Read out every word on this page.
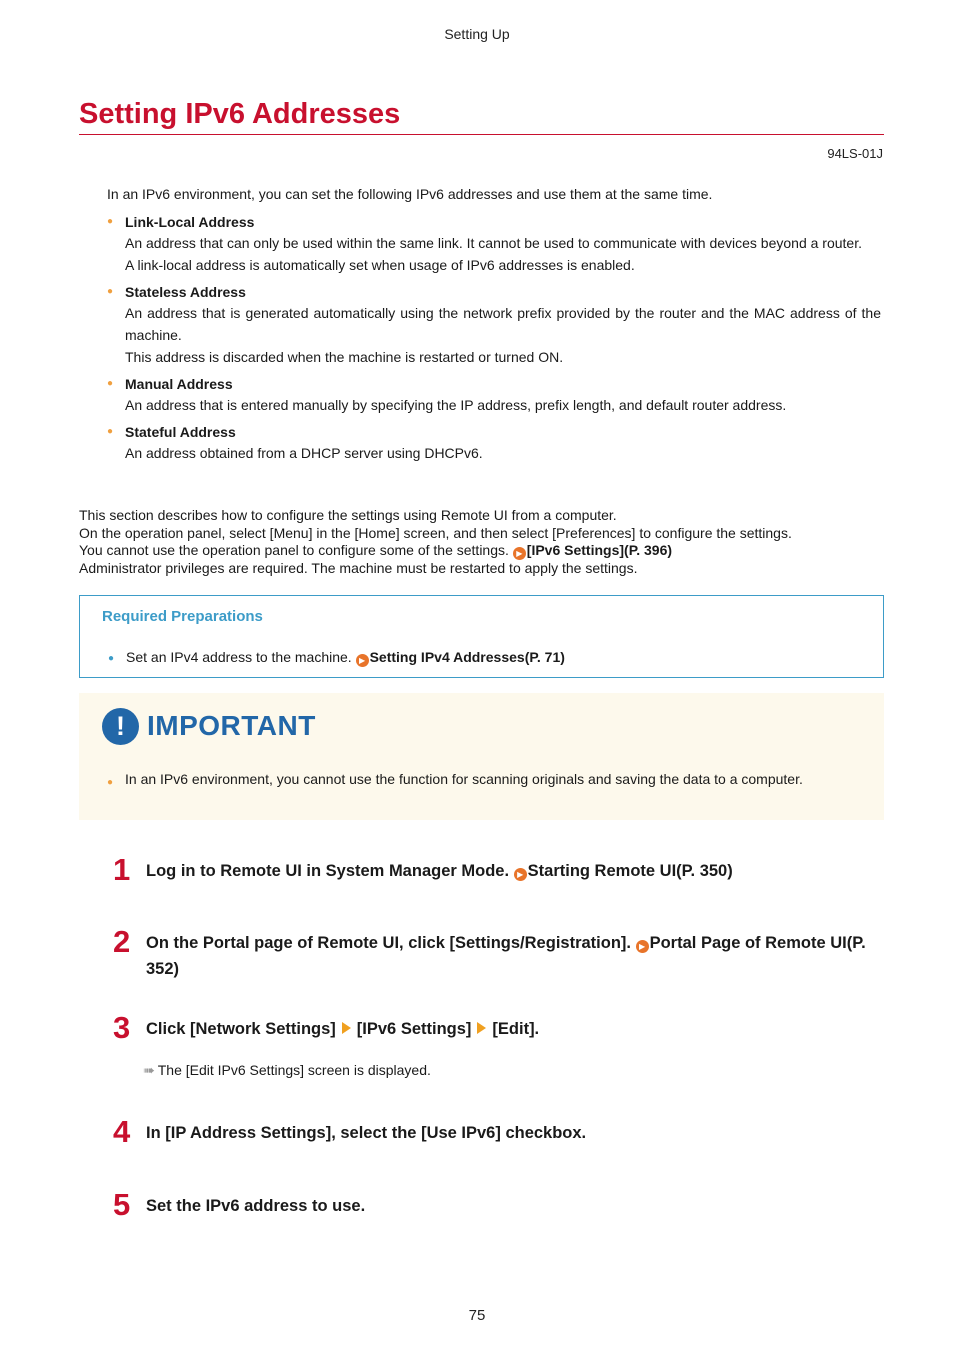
Setting Up
Setting IPv6 Addresses
94LS-01J
In an IPv6 environment, you can set the following IPv6 addresses and use them at the same time.
● Link-Local Address
An address that can only be used within the same link. It cannot be used to communicate with devices beyond a router.
A link-local address is automatically set when usage of IPv6 addresses is enabled.
● Stateless Address
An address that is generated automatically using the network prefix provided by the router and the MAC address of the machine.
This address is discarded when the machine is restarted or turned ON.
● Manual Address
An address that is entered manually by specifying the IP address, prefix length, and default router address.
● Stateful Address
An address obtained from a DHCP server using DHCPv6.
This section describes how to configure the settings using Remote UI from a computer.
On the operation panel, select [Menu] in the [Home] screen, and then select [Preferences] to configure the settings.
You cannot use the operation panel to configure some of the settings. ▶ [IPv6 Settings](P. 396)
Administrator privileges are required. The machine must be restarted to apply the settings.
Required Preparations
● Set an IPv4 address to the machine. ▶ Setting IPv4 Addresses(P. 71)
! IMPORTANT
● In an IPv6 environment, you cannot use the function for scanning originals and saving the data to a computer.
1 Log in to Remote UI in System Manager Mode. ▶ Starting Remote UI(P. 350)
2 On the Portal page of Remote UI, click [Settings/Registration]. ▶ Portal Page of Remote UI(P. 352)
3 Click [Network Settings] [IPv6 Settings] [Edit].
➠ The [Edit IPv6 Settings] screen is displayed.
4 In [IP Address Settings], select the [Use IPv6] checkbox.
5 Set the IPv6 address to use.
75
